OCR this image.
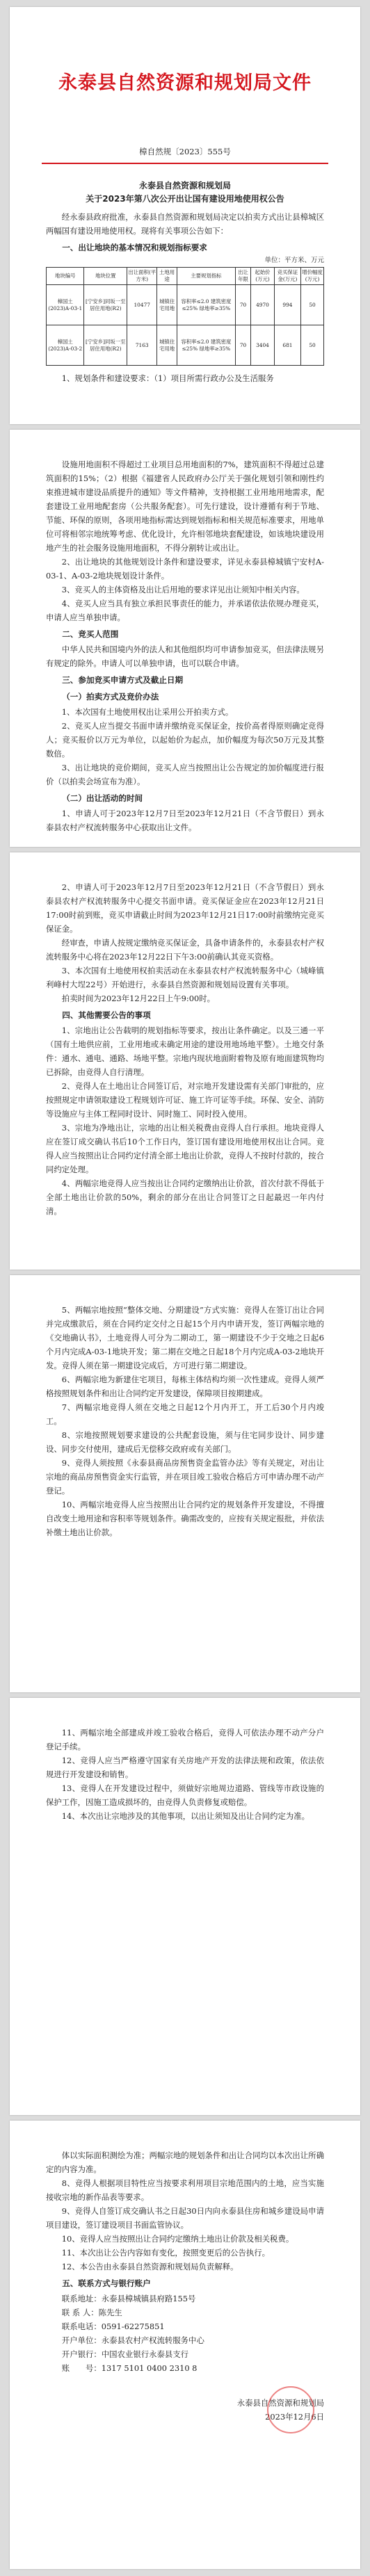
永泰县自然资源和规划局文件
樟自然规〔2023〕555号
永泰县自然资源和规划局
关于2023年第八次公开出让国有建设用地使用权公告

经永泰县政府批准，永泰县自然资源和规划局决定以拍卖方式出让县樟城区两幅国有建设用地使用权。现将有关事项公告如下：

一、出让地块的基本情况和规划指标要求
单位：平方米、万元
地块编号	地块位置	出让面积(平方米)	土地用途	主要规划指标	出让年限	起始价(万元)	竞买保证金(万元)	增价幅度(万元)
樟国土(2023)A-03-1	[宁安乡]同坂一至居住用地(R2)	10477	城镇住宅用地	容积率≤2.0 建筑密度≤25% 绿地率≥35%	70	4970	994	50
樟国土(2023)A-03-2	[宁安乡]同坂一至居住用地(R2)	7163	城镇住宅用地	容积率≤2.0 建筑密度≤25% 绿地率≥35%	70	3404	681	50

1、规划条件和建设要求：（1）项目所需行政办公及生活服务

设施用地面积不得超过工业项目总用地面积的7%，建筑面积不得超过总建筑面积的15%；（2）根据《福建省人民政府办公厅关于强化规划引领和刚性约束推进城市建设品质提升的通知》等文件精神，支持根据工业用地用地需求，配套建设工业用地配套房（公共服务配套）。可先行建设，设计遵循有利于节地、节能、环保的原则，各项用地指标需达到规划指标和相关规范标准要求，用地单位可将相邻宗地统筹考虑、优化设计，允许相邻地块套配建设，如该地块建设用地产生的社会服务设施用地面积，不得分割转让或出让。

2、出让地块的其他规划设计条件和建设要求，详见永泰县樟城镇宁安村A-03-1、A-03-2地块规划设计条件。

3、竞买人的主体资格及出让后用地的要求详见出让须知中相关内容。

4、竞买人应当具有独立承担民事责任的能力，并承诺依法依规办理竞买，申请人应当单独申请。

二、竞买人范围

中华人民共和国境内外的法人和其他组织均可申请参加竞买，但法律法规另有规定的除外。申请人可以单独申请，也可以联合申请。

三、参加竞买申请方式及截止日期
（一）拍卖方式及竞价办法

1、本次国有土地使用权出让采用公开拍卖方式。

2、竞买人应当提交书面申请并缴纳竞买保证金，按价高者得原则确定竞得人；竞买报价以万元为单位，以起始价为起点，加价幅度为每次50万元及其整数倍。

3、出让地块的竞价期间，竞买人应当按照出让公告规定的加价幅度进行报价（以拍卖会场宣布为准）。

（二）出让活动的时间

1、申请人可于2023年12月7日至2023年12月21日（不含节假日）到永泰县农村产权流转服务中心获取出让文件。

2、申请人可于2023年12月7日至2023年12月21日（不含节假日）到永泰县农村产权流转服务中心提交书面申请。竞买保证金应在2023年12月21日17:00时前到账，竞买申请截止时间为2023年12月21日17:00时前缴纳完竞买保证金。

经审查，申请人按规定缴纳竞买保证金，具备申请条件的，永泰县农村产权流转服务中心将在2023年12月22日下午3:00前确认其竞买资格。

3、本次国有土地使用权拍卖活动在永泰县农村产权流转服务中心（城峰镇利峰村大埕22号）开始进行，永泰县自然资源和规划局设置有关事项。

拍卖时间为2023年12月22日上午9:00时。

四、其他需要公告的事项

1、宗地出让公告载明的规划指标等要求，按出让条件确定。以及三通一平（国有土地供应前，工业用地或未确定用途的建设用地场地平整）。土地交付条件：通水、通电、通路、场地平整。宗地内现状地面附着物及原有地面建筑物均已拆除，由竞得人自行清理。

2、竞得人在土地出让合同签订后，对宗地开发建设需有关部门审批的，应按照规定申请领取建设工程规划许可证、施工许可证等手续。环保、安全、消防等设施应与主体工程同时设计、同时施工、同时投入使用。

3、宗地为净地出让，宗地的出让相关税费由竞得人自行承担。地块竞得人应在签订成交确认书后10个工作日内，签订国有建设用地使用权出让合同。竞得人应当按照出让合同约定付清全部土地出让价款，竞得人不按时付款的，按合同约定处理。

4、两幅宗地竞得人应当按出让合同约定缴纳出让价款，首次付款不得低于全部土地出让价款的50%，剩余的部分在出让合同签订之日起最迟一年内付清。

5、两幅宗地按照“整体交地、分期建设”方式实施：竞得人在签订出让合同并完成缴款后，须在合同约定交付之日起15个月内申请开发，签订两幅宗地的《交地确认书》，土地竞得人可分为二期动工，第一期建设不少于交地之日起6个月内完成A-03-1地块开发；第二期在交地之日起18个月内完成A-03-2地块开发。竞得人须在第一期建设完成后，方可进行第二期建设。

6、两幅宗地为新建住宅项目，每栋主体结构均须一次性建成。竞得人须严格按照规划条件和出让合同约定开发建设，保障项目按期建成。

7、两幅宗地竞得人须在交地之日起12个月内开工，开工后30个月内竣工。

8、宗地按照规划要求建设的公共配套设施，须与住宅同步设计、同步建设、同步交付使用，建成后无偿移交政府或有关部门。

9、竞得人须按照《永泰县商品房预售资金监管办法》等有关规定，对出让宗地的商品房预售资金实行监管，并在项目竣工验收合格后方可申请办理不动产登记。

10、两幅宗地竞得人应当按照出让合同约定的规划条件开发建设，不得擅自改变土地用途和容积率等规划条件。确需改变的，应按有关规定报批，并依法补缴土地出让价款。

11、两幅宗地全部建成并竣工验收合格后，竞得人可依法办理不动产分户登记手续。

12、竞得人应当严格遵守国家有关房地产开发的法律法规和政策，依法依规进行开发建设和销售。

13、竞得人在开发建设过程中，须做好宗地周边道路、管线等市政设施的保护工作，因施工造成损坏的，由竞得人负责修复或赔偿。

14、本次出让宗地涉及的其他事项，以出让须知及出让合同约定为准。

体以实际面积测绘为准；两幅宗地的规划条件和出让合同均以本次出让所确定的内容为准。

8、竞得人根据项目特性应当按要求利用项目宗地范围内的土地，应当实施接收宗地的新作品表等要求。

9、竞得人自签订成交确认书之日起30日内向永泰县住房和城乡建设局申请项目建设，签订建设项目书面监管协议。

10、竞得人应当按照出让合同约定缴纳土地出让价款及相关税费。

11、本次出让公告内容如有变化，按照变更后的公告执行。

12、本公告由永泰县自然资源和规划局负责解释。

五、联系方式与银行账户

联系地址：永泰县樟城镇县府路155号

联 系 人：陈先生

联系电话：0591-62275851

开户单位：永泰县农村产权流转服务中心

开户银行：中国农业银行永泰县支行

账　　号：1317 5101 0400 2310 8

永泰县自然资源和规划局

2023年12月6日
